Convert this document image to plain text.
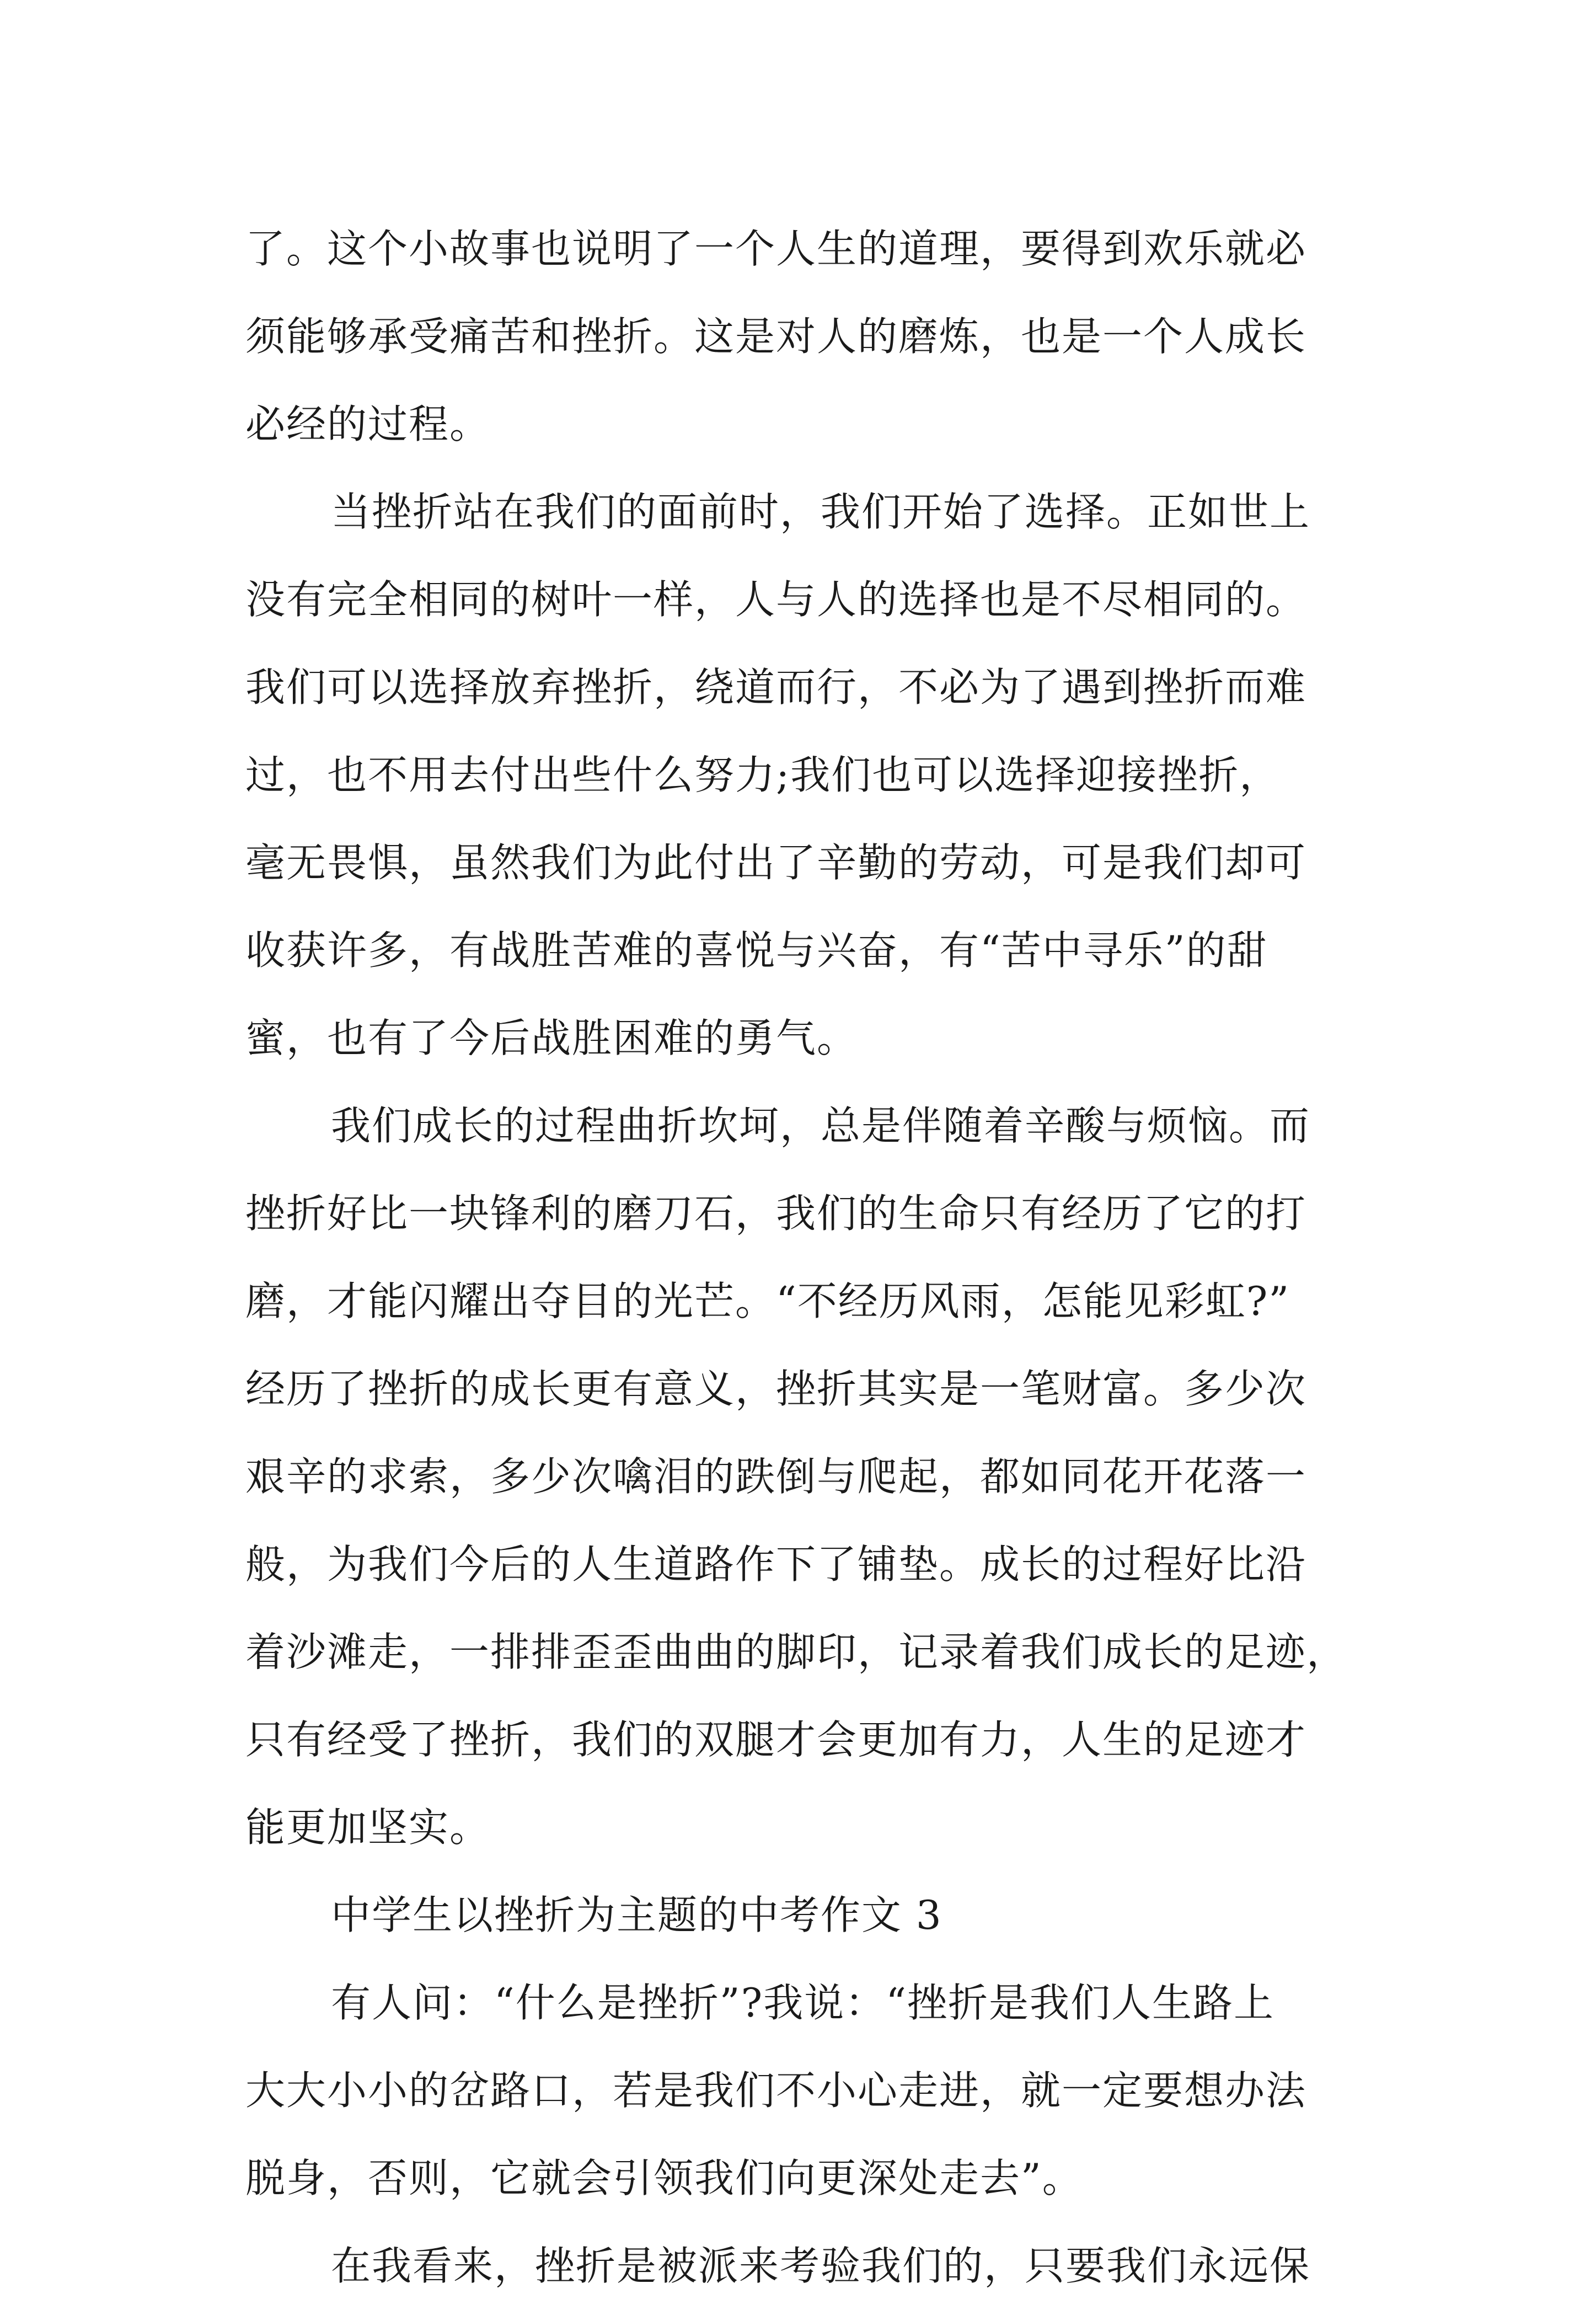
了。这个小故事也说明了一个人生的道理，要得到欢乐就必
须能够承受痛苦和挫折。这是对人的磨炼，也是一个人成长
必经的过程。
当挫折站在我们的面前时，我们开始了选择。正如世上
没有完全相同的树叶一样，人与人的选择也是不尽相同的。
我们可以选择放弃挫折，绕道而行，不必为了遇到挫折而难
过，也不用去付出些什么努力;我们也可以选择迎接挫折，
毫无畏惧，虽然我们为此付出了辛勤的劳动，可是我们却可
收获许多，有战胜苦难的喜悦与兴奋，有“苦中寻乐”的甜
蜜，也有了今后战胜困难的勇气。
我们成长的过程曲折坎坷，总是伴随着辛酸与烦恼。而
挫折好比一块锋利的磨刀石，我们的生命只有经历了它的打
磨，才能闪耀出夺目的光芒。“不经历风雨，怎能见彩虹?”
经历了挫折的成长更有意义，挫折其实是一笔财富。多少次
艰辛的求索，多少次噙泪的跌倒与爬起，都如同花开花落一
般，为我们今后的人生道路作下了铺垫。成长的过程好比沿
着沙滩走，一排排歪歪曲曲的脚印，记录着我们成长的足迹，
只有经受了挫折，我们的双腿才会更加有力，人生的足迹才
能更加坚实。
中学生以挫折为主题的中考作文 3
有人问：“什么是挫折”?我说：“挫折是我们人生路上
大大小小的岔路口，若是我们不小心走进，就一定要想办法
脱身，否则，它就会引领我们向更深处走去”。
在我看来，挫折是被派来考验我们的，只要我们永远保
